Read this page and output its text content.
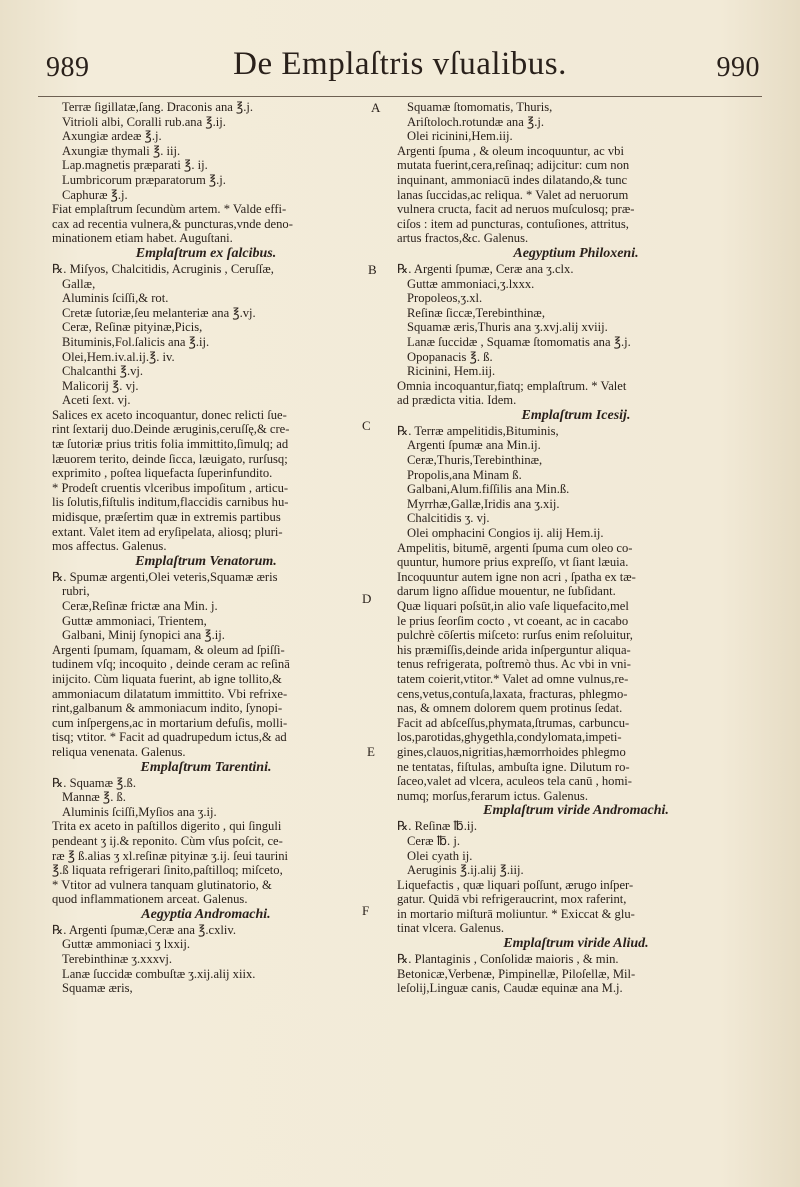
989	De Emplaſtris vſualibus.	990
A
B
C
D
E
F
Terræ ſigillatæ,ſang. Draconis ana ℥.j.
Vitrioli albi, Coralli rub.ana ℥.ij.
Axungiæ ardeæ ℥.j.
Axungiæ thymali ℥. iij.
Lap.magnetis præparati ℥. ij.
Lumbricorum præparatorum ℥.j.
Caphuræ ℥.j.
Fiat emplaſtrum ſecundùm artem. * Valde effi-
cax ad recentia vulnera,& puncturas,vnde deno-
minationem etiam habet. Auguſtani.
Emplaſtrum ex ſalcibus.
℞. Miſyos, Chalcitidis, Acruginis , Ceruſſæ,
Gallæ,
Aluminis ſciſſi,& rot.
Cretæ ſutoriæ,ſeu melanteriæ ana ℥.vj.
Ceræ, Reſinæ pityinæ,Picis,
Bituminis,Fol.ſalicis ana ℥.ij.
Olei,Hem.iv.al.ij.℥. iv.
Chalcanthi ℥.vj.
Malicorij ℥. vj.
Aceti ſext. vj.
Salices ex aceto incoquantur, donec relicti ſue-
rint ſextarij duo.Deinde æruginis,ceruſſę,& cre-
tæ ſutoriæ prius tritis folia immittito,ſimulq; ad
læuorem terito, deinde ſicca, læuigato, rurſusq;
exprimito , poſtea liquefacta ſuperinfundito.
* Prodeſt cruentis vlceribus impoſitum , articu-
lis ſolutis,fiſtulis inditum,flaccidis carnibus hu-
midisque, præſertim quæ in extremis partibus
extant. Valet item ad eryſipelata, aliosq; pluri-
mos affectus. Galenus.
Emplaſtrum Venatorum.
℞. Spumæ argenti,Olei veteris,Squamæ æris
rubri,
Ceræ,Reſinæ frictæ ana Min. j.
Guttæ ammoniaci, Trientem,
Galbani, Minij ſynopici ana ℥.ij.
Argenti ſpumam, ſquamam, & oleum ad ſpiſſi-
tudinem vſq; incoquito , deinde ceram ac reſinā
inijcito. Cùm liquata fuerint, ab igne tollito,&
ammoniacum dilatatum immittito. Vbi refrixe-
rint,galbanum & ammoniacum indito, ſynopi-
cum inſpergens,ac in mortarium defuſis, molli-
tisq; vtitor. * Facit ad quadrupedum ictus,& ad
reliqua venenata. Galenus.
Emplaſtrum Tarentini.
℞. Squamæ ℥.ß.
Mannæ ℥. ß.
Aluminis ſciſſi,Myſios ana ʒ.ij.
Trita ex aceto in paſtillos digerito , qui ſinguli
pendeant ʒ ij.& reponito. Cùm vſus poſcit, ce-
ræ ℥ ß.alias ʒ xl.reſinæ pityinæ ʒ.ij. ſeui taurini
℥.ß liquata refrigerari ſinito,paſtilloq; miſceto,
* Vtitor ad vulnera tanquam glutinatorio, &
quod inflammationem arceat. Galenus.
Aegyptia Andromachi.
℞. Argenti ſpumæ,Ceræ ana ℥.cxliv.
Guttæ ammoniaci ʒ lxxij.
Terebinthinæ ʒ.xxxvj.
Lanæ ſuccidæ combuſtæ ʒ.xij.alij xiix.
Squamæ æris,
Squamæ ſtomomatis, Thuris,
Ariſtoloch.rotundæ ana ℥.j.
Olei ricinini,Hem.iij.
Argenti ſpuma , & oleum incoquuntur, ac vbi
mutata fuerint,cera,reſinaq; adijcitur: cum non
inquinant, ammoniacū indes dilatando,& tunc
lanas ſuccidas,ac reliqua. * Valet ad neruorum
vulnera cructa, facit ad neruos muſculosq; præ-
ciſos : item ad puncturas, contuſiones, attritus,
artus fractos,&c. Galenus.
Aegyptium Philoxeni.
℞. Argenti ſpumæ, Ceræ ana ʒ.clx.
Guttæ ammoniaci,ʒ.lxxx.
Propoleos,ʒ.xl.
Reſinæ ſiccæ,Terebinthinæ,
Squamæ æris,Thuris ana ʒ.xvj.alij xviij.
Lanæ ſuccidæ , Squamæ ſtomomatis ana ℥.j.
Opopanacis ℥. ß.
Ricinini, Hem.iij.
Omnia incoquantur,fiatq; emplaſtrum. * Valet
ad prædicta vitia. Idem.
Emplaſtrum Icesij.
℞. Terræ ampelitidis,Bituminis,
Argenti ſpumæ ana Min.ij.
Ceræ,Thuris,Terebinthinæ,
Propolis,ana Minam ß.
Galbani,Alum.fiſſilis ana Min.ß.
Myrrhæ,Gallæ,Iridis ana ʒ.xij.
Chalcitidis ʒ. vj.
Olei omphacini Congios ij. alij Hem.ij.
Ampelitis, bitumē, argenti ſpuma cum oleo co-
quuntur, humore prius expreſſo, vt ſiant læuia.
Incoquuntur autem igne non acri , ſpatha ex tæ-
darum ligno aſſidue mouentur, ne ſubſidant.
Quæ liquari poſsūt,in alio vaſe liquefacito,mel
le prius ſeorſim cocto , vt coeant, ac in cacabo
pulchrè cōſertis miſceto: rurſus enim reſoluitur,
his præmiſſis,deinde arida inſperguntur aliqua-
tenus refrigerata, poſtremò thus. Ac vbi in vni-
tatem coierit,vtitor.* Valet ad omne vulnus,re-
cens,vetus,contuſa,laxata, fracturas, phlegmo-
nas, & omnem dolorem quem protinus ſedat.
Facit ad abſceſſus,phymata,ſtrumas, carbuncu-
los,parotidas,ghygethla,condylomata,impeti-
gines,clauos,nigritias,hæmorrhoides phlegmo
ne tentatas, fiſtulas, ambuſta igne. Dilutum ro-
ſaceo,valet ad vlcera, aculeos tela canū , homi-
numq; morſus,ferarum ictus. Galenus.
Emplaſtrum viride Andromachi.
℞. Reſinæ ℔.ij.
Ceræ ℔. j.
Olei cyath ij.
Aeruginis ℥.ij.alij ℥.iij.
Liquefactis , quæ liquari poſſunt, ærugo inſper-
gatur. Quidā vbi refrigeraucrint, mox raferint,
in mortario miſturā moliuntur. * Exiccat & glu-
tinat vlcera. Galenus.
Emplaſtrum viride Aliud.
℞. Plantaginis , Conſolidæ maioris , & min.
Betonicæ,Verbenæ, Pimpinellæ, Piloſellæ, Mil-
leſolij,Linguæ canis, Caudæ equinæ ana M.j.
